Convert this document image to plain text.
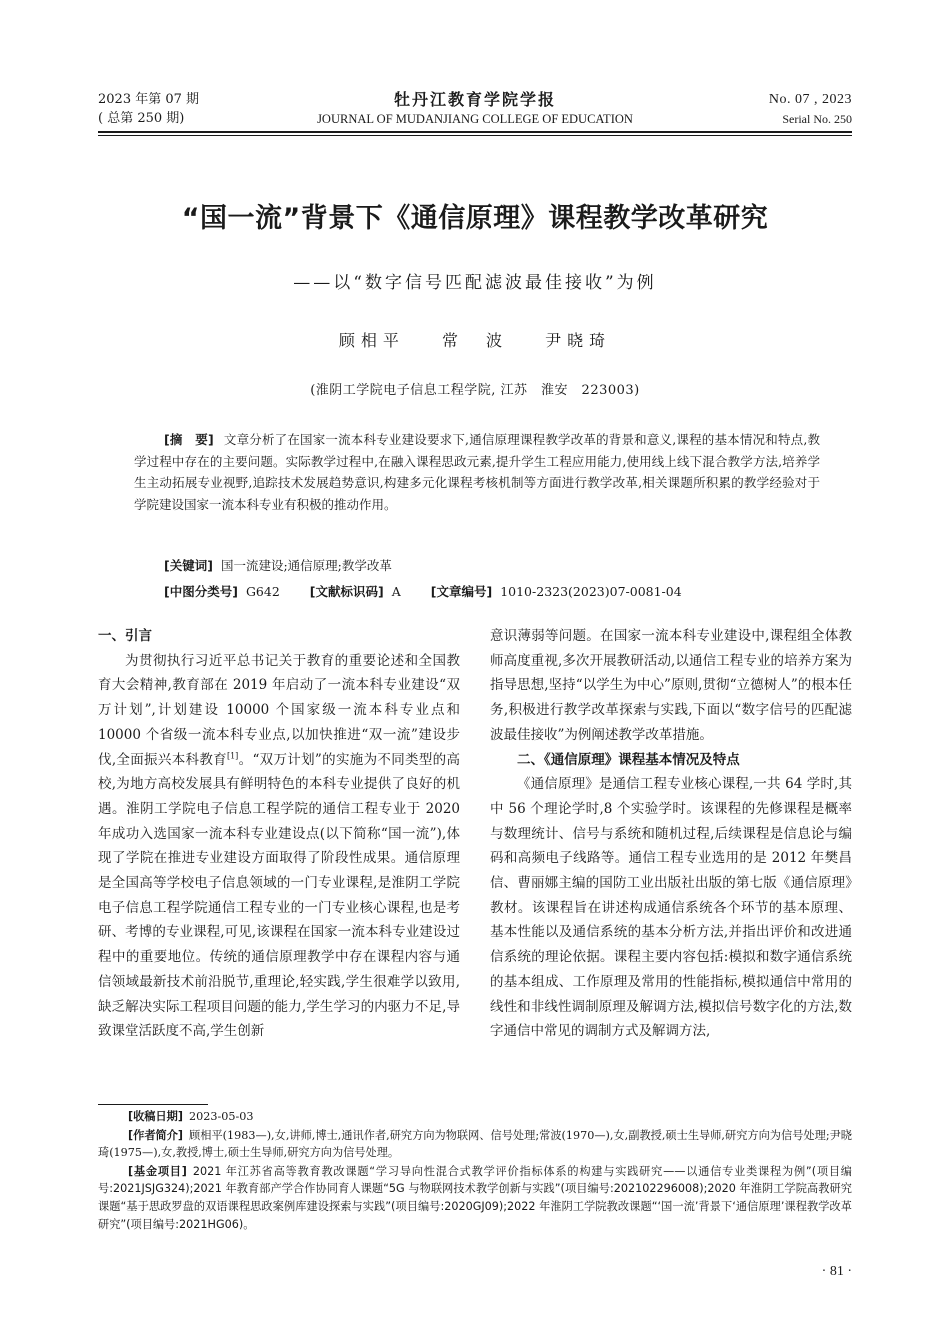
2023 年第 07 期
( 总第 250 期)
牡丹江教育学院学报
JOURNAL OF MUDANJIANG COLLEGE OF EDUCATION
No. 07 , 2023
Serial No. 250
“国一流”背景下《通信原理》课程教学改革研究
——以“数字信号匹配滤波最佳接收”为例
顾相平 常　波 尹晓琦
(淮阴工学院电子信息工程学院, 江苏　淮安　223003)
[摘　要] 文章分析了在国家一流本科专业建设要求下,通信原理课程教学改革的背景和意义,课程的基本情况和特点,教学过程中存在的主要问题。实际教学过程中,在融入课程思政元素,提升学生工程应用能力,使用线上线下混合教学方法,培养学生主动拓展专业视野,追踪技术发展趋势意识,构建多元化课程考核机制等方面进行教学改革,相关课题所积累的教学经验对于学院建设国家一流本科专业有积极的推动作用。
[关键词] 国一流建设;通信原理;教学改革
[中图分类号] G642 [文献标识码] A [文章编号] 1010-2323(2023)07-0081-04
一、引言

为贯彻执行习近平总书记关于教育的重要论述和全国教育大会精神,教育部在 2019 年启动了一流本科专业建设“双万计划”,计划建设 10000 个国家级一流本科专业点和 10000 个省级一流本科专业点,以加快推进“双一流”建设步伐,全面振兴本科教育[1]。“双万计划”的实施为不同类型的高校,为地方高校发展具有鲜明特色的本科专业提供了良好的机遇。淮阴工学院电子信息工程学院的通信工程专业于 2020 年成功入选国家一流本科专业建设点(以下简称“国一流”),体现了学院在推进专业建设方面取得了阶段性成果。通信原理是全国高等学校电子信息领域的一门专业课程,是淮阴工学院电子信息工程学院通信工程专业的一门专业核心课程,也是考研、考博的专业课程,可见,该课程在国家一流本科专业建设过程中的重要地位。传统的通信原理教学中存在课程内容与通信领域最新技术前沿脱节,重理论,轻实践,学生很难学以致用,缺乏解决实际工程项目问题的能力,学生学习的内驱力不足,导致课堂活跃度不高,学生创新

意识薄弱等问题。在国家一流本科专业建设中,课程组全体教师高度重视,多次开展教研活动,以通信工程专业的培养方案为指导思想,坚持“以学生为中心”原则,贯彻“立德树人”的根本任务,积极进行教学改革探索与实践,下面以“数字信号的匹配滤波最佳接收”为例阐述教学改革措施。

二、《通信原理》课程基本情况及特点

《通信原理》是通信工程专业核心课程,一共 64 学时,其中 56 个理论学时,8 个实验学时。该课程的先修课程是概率与数理统计、信号与系统和随机过程,后续课程是信息论与编码和高频电子线路等。通信工程专业选用的是 2012 年樊昌信、曹丽娜主编的国防工业出版社出版的第七版《通信原理》教材。该课程旨在讲述构成通信系统各个环节的基本原理、基本性能以及通信系统的基本分析方法,并指出评价和改进通信系统的理论依据。课程主要内容包括:模拟和数字通信系统的基本组成、工作原理及常用的性能指标,模拟通信中常用的线性和非线性调制原理及解调方法,模拟信号数字化的方法,数字通信中常见的调制方式及解调方法,

[收稿日期] 2023-05-03
[作者简介] 顾相平(1983—),女,讲师,博士,通讯作者,研究方向为物联网、信号处理;常波(1970—),女,副教授,硕士生导师,研究方向为信号处理;尹晓琦(1975—),女,教授,博士,硕士生导师,研究方向为信号处理。
[基金项目] 2021 年江苏省高等教育教改课题“学习导向性混合式教学评价指标体系的构建与实践研究——以通信专业类课程为例”(项目编号:2021JSJG324);2021 年教育部产学合作协同育人课题“5G 与物联网技术教学创新与实践”(项目编号:202102296008);2020 年淮阴工学院高教研究课题“基于思政罗盘的双语课程思政案例库建设探索与实践”(项目编号:2020GJ09);2022 年淮阴工学院教改课题“‘国一流’背景下‘通信原理’课程教学改革研究”(项目编号:2021HG06)。
· 81 ·
